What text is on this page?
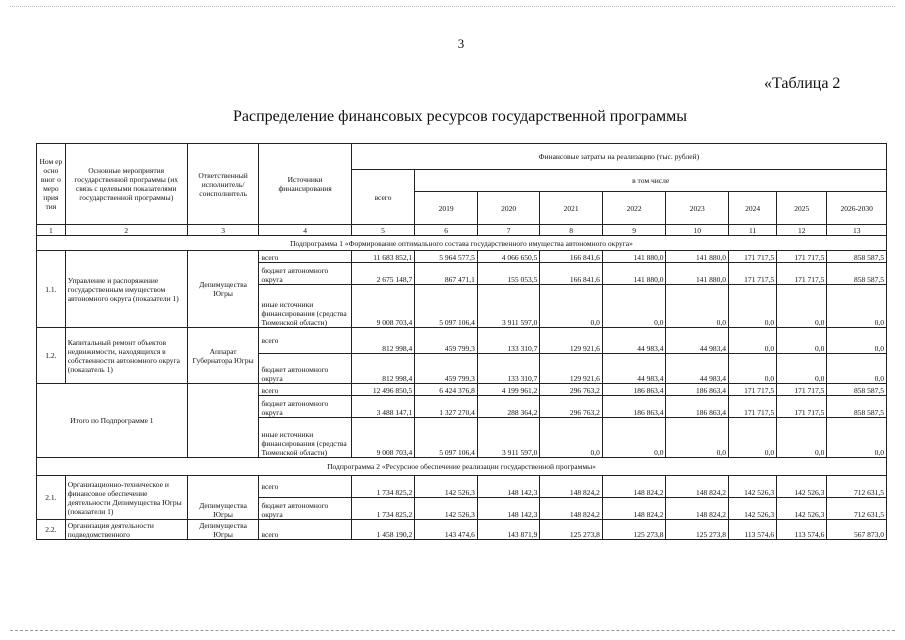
3
«Таблица 2
Распределение финансовых ресурсов государственной программы
Ном ер осно вног о меро прия тия	Основные мероприятия государственной программы (их связь с целевыми показателями государственной программы)	Ответственный исполнитель/ соисполнитель	Источники финансирования	Финансовые затраты на реализацию (тыс. рублей)								
				всего	в том числе							
					2019	2020	2021	2022	2023	2024	2025	2026-2030
1	2	3	4	5	6	7	8	9	10	11	12	13
Подпрограмма 1 «Формирование оптимального состава государственного имущества автономного округа»												
1.1.	Управление и распоряжение государственным имуществом автономного округа (показатели 1)	Депимущества Югры	всего	11 683 852,1	5 964 577,5	4 066 650,5	166 841,6	141 880,0	141 880,0	171 717,5	171 717,5	858 587,5
			бюджет автономного округа	2 675 148,7	867 471,1	155 053,5	166 841,6	141 880,0	141 880,0	171 717,5	171 717,5	858 587,5
			иные источники финансирования (средства Тюменской области)	9 008 703,4	5 097 106,4	3 911 597,0	0,0	0,0	0,0	0,0	0,0	0,0
1.2.	Капитальный ремонт объектов недвижимости, находящихся в собственности автономного округа (показатель 1)	Аппарат Губернатора Югры	всего	812 998,4	459 799,3	133 310,7	129 921,6	44 983,4	44 983,4	0,0	0,0	0,0
			бюджет автономного округа	812 998,4	459 799,3	133 310,7	129 921,6	44 983,4	44 983,4	0,0	0,0	0,0
Итого по Подпрограмме 1			всего	12 496 850,5	6 424 376,8	4 199 961,2	296 763,2	186 863,4	186 863,4	171 717,5	171 717,5	858 587,5
			бюджет автономного округа	3 488 147,1	1 327 270,4	288 364,2	296 763,2	186 863,4	186 863,4	171 717,5	171 717,5	858 587,5
			иные источники финансирования (средства Тюменской области)	9 008 703,4	5 097 106,4	3 911 597,0	0,0	0,0	0,0	0,0	0,0	0,0
Подпрограмма 2 «Ресурсное обеспечение реализации государственной программы»												
2.1.	Организационно-техническое и финансовое обеспечение деятельности Депимущества Югры (показатели 1)	Депимущества Югры	всего	1 734 825,2	142 526,3	148 142,3	148 824,2	148 824,2	148 824,2	142 526,3	142 526,3	712 631,5
			бюджет автономного округа	1 734 825,2	142 526,3	148 142,3	148 824,2	148 824,2	148 824,2	142 526,3	142 526,3	712 631,5
2.2.	Организация деятельности подведомственного	Депимущества Югры	всего	1 458 190,2	143 474,6	143 871,9	125 273,8	125 273,8	125 273,8	113 574,6	113 574,6	567 873,0
